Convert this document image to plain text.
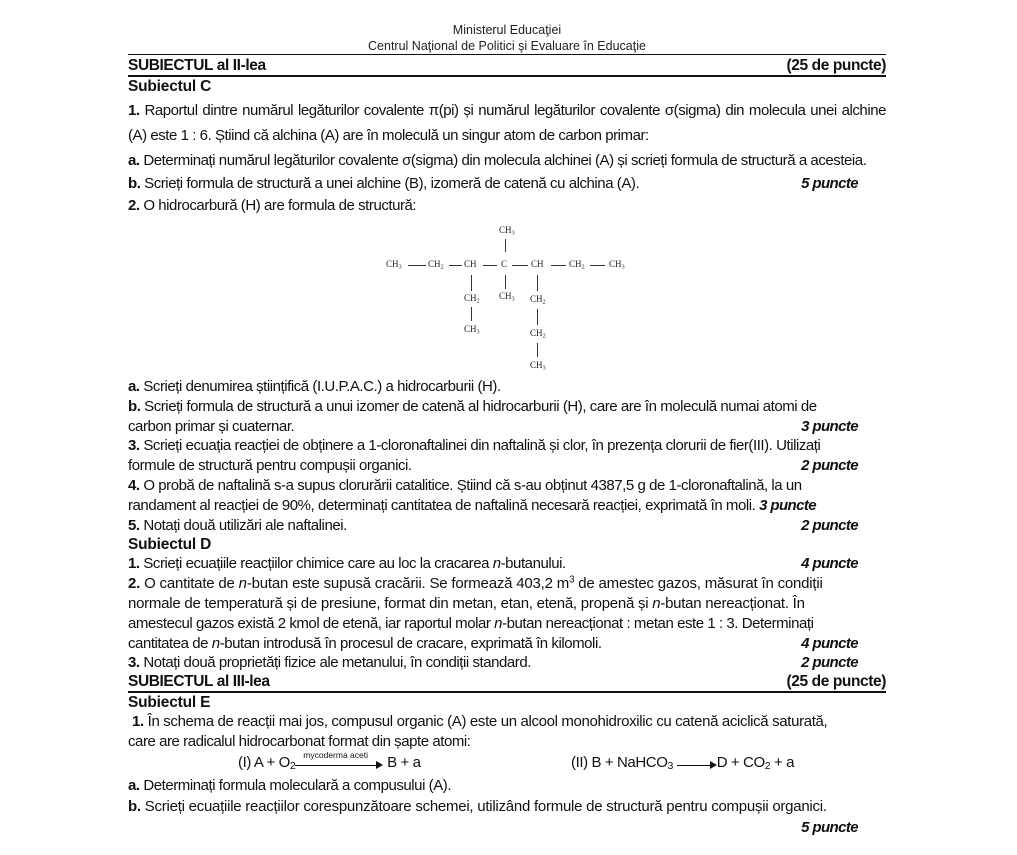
Ministerul Educaţiei
Centrul Naţional de Politici şi Evaluare în Educaţie
SUBIECTUL al II-lea	(25 de puncte)
Subiectul C
1. Raportul dintre numărul legăturilor covalente π(pi) și numărul legăturilor covalente σ(sigma) din molecula unei alchine (A) este 1 : 6. Știind că alchina (A) are în moleculă un singur atom de carbon primar:
a. Determinați numărul legăturilor covalente σ(sigma) din molecula alchinei (A) și scrieți formula de structură a acesteia.
b. Scrieți formula de structură a unei alchine (B), izomeră de catenă cu alchina (A).	5 puncte
2. O hidrocarbură (H) are formula de structură:
$CH_3$
$CH_3$	$CH_2$ CH	C	CH	$CH_2$	$CH_3$
$CH_2$
$CH_3$
$CH_3$ $CH_2$
$CH_2$
$CH_3$
a. Scrieți denumirea științifică (I.U.P.A.C.) a hidrocarburii (H).
b. Scrieți formula de structură a unui izomer de catenă al hidrocarburii (H), care are în moleculă numai atomi de
carbon primar și cuaternar.	3 puncte
3. Scrieți ecuația reacției de obținere a 1-cloronaftalinei din naftalină și clor, în prezența clorurii de fier(III). Utilizați
formule de structură pentru compușii organici.	2 puncte
4. O probă de naftalină s-a supus clorurării catalitice. Știind că s-au obținut 4387,5 g de 1-cloronaftalină, la un
randament al reacției de 90%, determinați cantitatea de naftalină necesară reacției, exprimată în moli. 3 puncte
5. Notați două utilizări ale naftalinei.	2 puncte
Subiectul D
1. Scrieți ecuațiile reacțiilor chimice care au loc la cracarea n-butanului.	4 puncte
2. O cantitate de n-butan este supusă cracării. Se formează 403,2 $m^3$ de amestec gazos, măsurat în condiții
normale de temperatură și de presiune, format din metan, etan, etenă, propenă și n-butan nereacționat. În
amestecul gazos există 2 kmol de etenă, iar raportul molar n-butan nereacționat : metan este 1 : 3. Determinați
cantitatea de n-butan introdusă în procesul de cracare, exprimată în kilomoli.	4 puncte
3. Notați două proprietăți fizice ale metanului, în condiții standard.	2 puncte
SUBIECTUL al III-lea	(25 de puncte)
Subiectul E
1. În schema de reacții mai jos, compusul organic (A) este un alcool monohidroxilic cu catenă aciclică saturată,
care are radicalul hidrocarbonat format din șapte atomi:
(I) $A + O_2$
mycoderma aceti B + a	(II) B + NaHCO$_3$	$D + CO_2 + a$
a. Determinați formula moleculară a compusului (A).
b. Scrieți ecuațiile reacțiilor corespunzătoare schemei, utilizând formule de structură pentru compușii organici.
5 puncte
